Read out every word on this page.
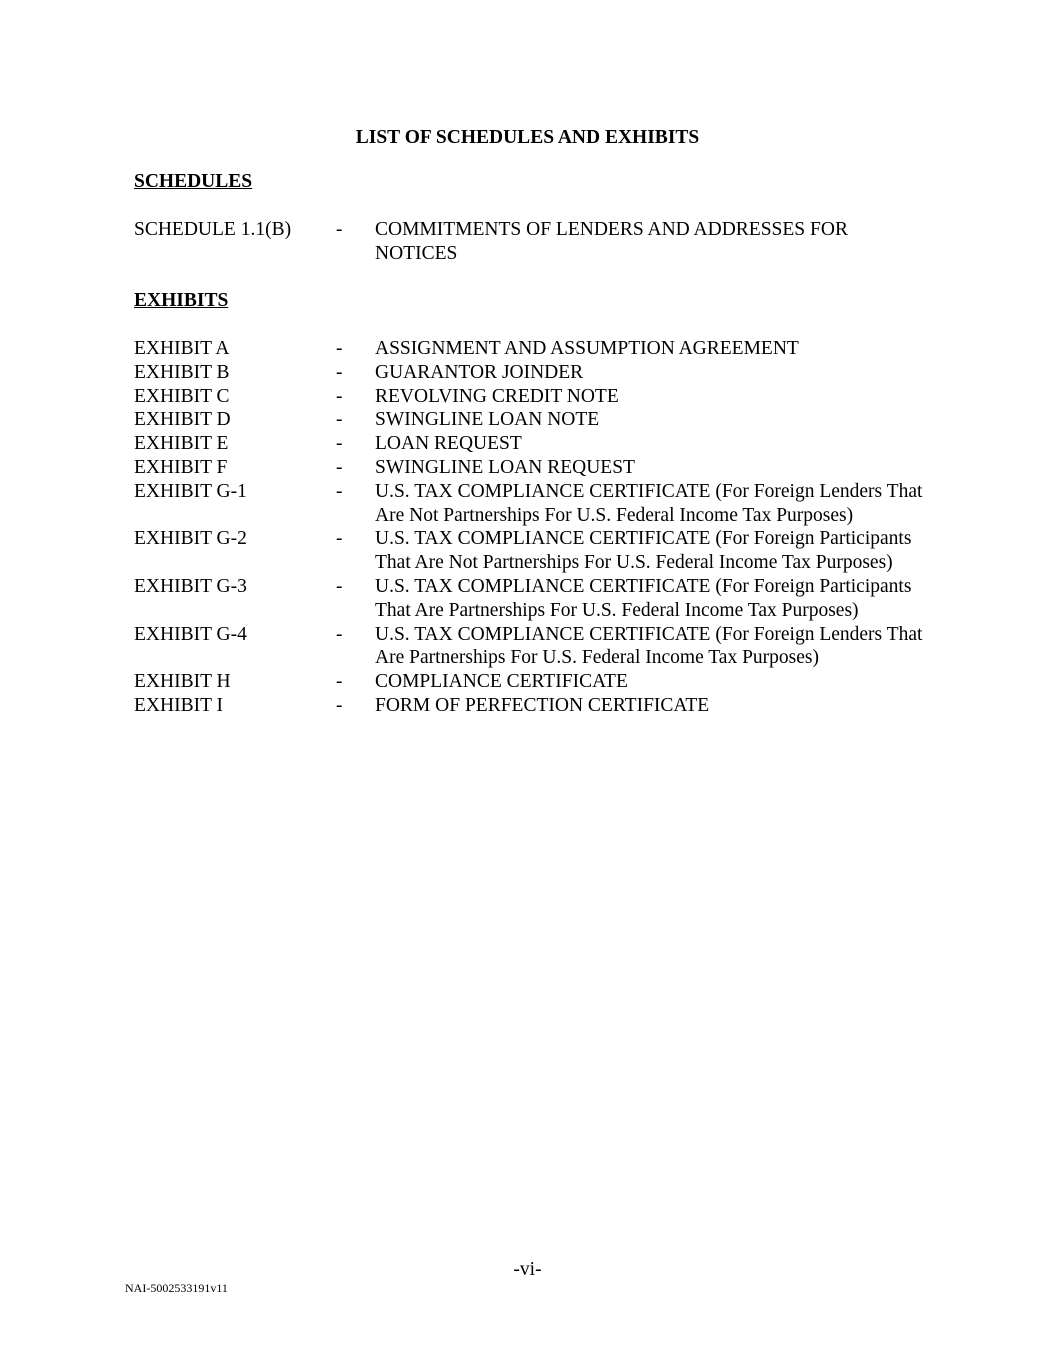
LIST OF SCHEDULES AND EXHIBITS
SCHEDULES
SCHEDULE 1.1(B)	-	COMMITMENTS OF LENDERS AND ADDRESSES FOR NOTICES
EXHIBITS
EXHIBIT A	-	ASSIGNMENT AND ASSUMPTION AGREEMENT
EXHIBIT B	-	GUARANTOR JOINDER
EXHIBIT C	-	REVOLVING CREDIT NOTE
EXHIBIT D	-	SWINGLINE LOAN NOTE
EXHIBIT E	-	LOAN REQUEST
EXHIBIT F	-	SWINGLINE LOAN REQUEST
EXHIBIT G-1	-	U.S. TAX COMPLIANCE CERTIFICATE (For Foreign Lenders That Are Not Partnerships For U.S. Federal Income Tax Purposes)
EXHIBIT G-2	-	U.S. TAX COMPLIANCE CERTIFICATE (For Foreign Participants That Are Not Partnerships For U.S. Federal Income Tax Purposes)
EXHIBIT G-3	-	U.S. TAX COMPLIANCE CERTIFICATE (For Foreign Participants That Are Partnerships For U.S. Federal Income Tax Purposes)
EXHIBIT G-4	-	U.S. TAX COMPLIANCE CERTIFICATE (For Foreign Lenders That Are Partnerships For U.S. Federal Income Tax Purposes)
EXHIBIT H	-	COMPLIANCE CERTIFICATE
EXHIBIT I	-	FORM OF PERFECTION CERTIFICATE
-vi-
NAI-5002533191v11
